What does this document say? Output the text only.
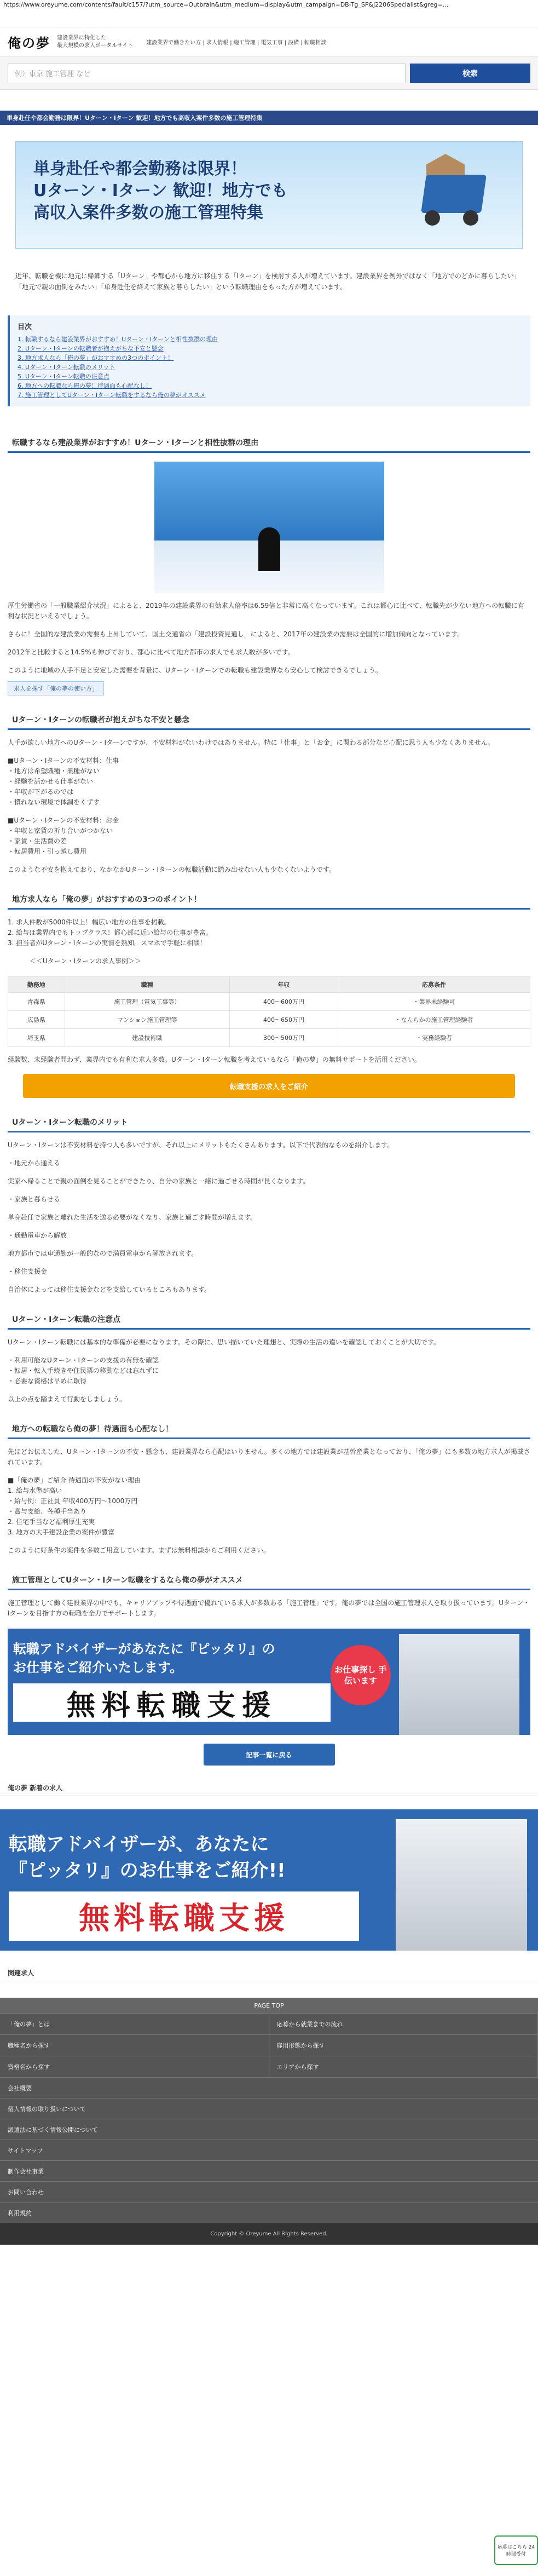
https://www.oreyume.com/contents/fault/c157/?utm_source=Outbrain&utm_medium=display&utm_campaign=DB-Tg_SP&j2206Specialist&greg=...
俺の夢 建設業界に特化した
最大規模の求人ポータルサイト 建設業界で働きたい方 | 求人情報 | 施工管理 | 電気工事 | 設備 | 転職相談
例）東京 施工管理 など	検索
単身赴任や都会勤務は限界！Uターン・Iターン 歓迎！地方でも高収入案件多数の施工管理特集
単身赴任や都会勤務は限界！
Uターン・Iターン 歓迎！地方でも
高収入案件多数の施工管理特集
近年、転職を機に地元に帰郷する「Uターン」や都心から地方に移住する「Iターン」を検討する人が増えています。建設業界を例外ではなく「地方でのどかに暮らしたい」「地元で親の面倒をみたい」「単身赴任を終えて家族と暮らしたい」という転職理由をもった方が増えています。
目次
1. 転職するなら建設業界がおすすめ！Uターン・Iターンと相性抜群の理由
2. Uターン・Iターンの転職者が抱えがちな不安と懸念
3. 地方求人なら「俺の夢」がおすすめの3つのポイント！
4. Uターン・Iターン転職のメリット
5. Uターン・Iターン転職の注意点
6. 地方への転職なら俺の夢！待遇面も心配なし！
7. 施工管理としてUターン・Iターン転職をするなら俺の夢がオススメ
転職するなら建設業界がおすすめ！Uターン・Iターンと相性抜群の理由

厚生労働省の「一般職業紹介状況」によると、2019年の建設業界の有効求人倍率は6.59倍と非常に高くなっています。これは都心に比べて、転職先が少ない地方への転職に有利な状況といえるでしょう。

さらに！全国的な建設業の需要も上昇していて、国土交通省の「建設投資見通し」によると、2017年の建設業の需要は全国的に増加傾向となっています。

2012年と比較すると14.5%も伸びており、都心に比べて地方都市の求人でも求人数が多いです。

このように地域の人手不足と安定した需要を背景に、Uターン・Iターンでの転職も建設業界なら安心して検討できるでしょう。

求人を探す「俺の夢の使い方」
Uターン・Iターンの転職者が抱えがちな不安と懸念

人手が欲しい地方へのUターン・Iターンですが、不安材料がないわけではありません。特に「仕事」と「お金」に関わる部分など心配に思う人も少なくありません。

■Uターン・Iターンの不安材料：仕事
・地方は希望職種・業種がない
・経験を活かせる仕事がない
・年収が下がるのでは
・慣れない環境で体調をくずす
■Uターン・Iターンの不安材料：お金
・年収と家賃の折り合いがつかない
・家賃・生活費の差
・転居費用・引っ越し費用

このような不安を抱えており、なかなかUターン・Iターンの転職活動に踏み出せない人も少なくないようです。

地方求人なら「俺の夢」がおすすめの3つのポイント！
1. 求人件数が5000件以上！幅広い地方の仕事を掲載。
2. 給与は業界内でもトップクラス！都心部に近い給与の仕事が豊富。
3. 担当者がUターン・Iターンの実情を熟知。スマホで手軽に相談！

＜＜Uターン・Iターンの求人事例＞＞

勤務地	職種	年収	応募条件
青森県	施工管理（電気工事等）	400〜600万円	・業界未経験可
広島県	マンション施工管理等	400〜650万円	・なんらかの施工管理経験者
埼玉県	建設技術職	300〜500万円	・実務経験者

経験数、未経験者問わず、業界内でも有利な求人多数。Uターン・Iターン転職を考えているなら「俺の夢」の無料サポートを活用ください。

転職支援の求人をご紹介
Uターン・Iターン転職のメリット

Uターン・Iターンは不安材料を持つ人も多いですが、それ以上にメリットもたくさんあります。以下で代表的なものを紹介します。

・地元から通える

実家へ帰ることで親の面倒を見ることができたり、自分の家族と一緒に過ごせる時間が長くなります。

・家族と暮らせる

単身赴任で家族と離れた生活を送る必要がなくなり、家族と過ごす時間が増えます。

・通勤電車から解放

地方都市では車通勤が一般的なので満員電車から解放されます。

・移住支援金

自治体によっては移住支援金などを支給しているところもあります。

Uターン・Iターン転職の注意点

Uターン・Iターン転職には基本的な準備が必要になります。その際に、思い描いていた理想と、実際の生活の違いを確認しておくことが大切です。

・利用可能なUターン・Iターンの支援の有無を確認
・転居・転入手続きや住民票の移動などは忘れずに
・必要な資格は早めに取得

以上の点を踏まえて行動をしましょう。

地方への転職なら俺の夢！待遇面も心配なし！

先ほどお伝えした、Uターン・Iターンの不安・懸念も、建設業界なら心配はいりません。多くの地方では建設業が基幹産業となっており、「俺の夢」にも多数の地方求人が掲載されています。

■「俺の夢」ご紹介 待遇面の不安がない理由
1. 給与水準が高い
・給与例：正社員 年収400万円〜1000万円
・賞与支給、各種手当あり
2. 住宅手当など福利厚生充実
3. 地方の大手建設企業の案件が豊富

このように好条件の案件を多数ご用意しています。まずは無料相談からご利用ください。

施工管理としてUターン・Iターン転職をするなら俺の夢がオススメ

施工管理として働く建設業界の中でも、キャリアアップや待遇面で優れている求人が多数ある「施工管理」です。俺の夢では全国の施工管理求人を取り扱っています。Uターン・Iターンを目指す方の転職を全力でサポートします。

転職アドバイザーがあなたに『ピッタリ』の
お仕事をご紹介いたします。
無料転職支援
お仕事探し 手伝います
記事一覧に戻る
俺の夢 新着の求人
転職アドバイザーが、あなたに
『ピッタリ』のお仕事をご紹介!!
無料転職支援
関連求人
PAGE TOP
「俺の夢」とは	応募から就業までの流れ
職種名から探す	雇用形態から探す
資格名から探す	エリアから探す
会社概要
個人情報の取り扱いについて
派遣法に基づく情報公開について
サイトマップ
制作会社事業
お問い合わせ
利用規約
Copyright © Oreyume All Rights Reserved.
応募はこちら 24時間受付
